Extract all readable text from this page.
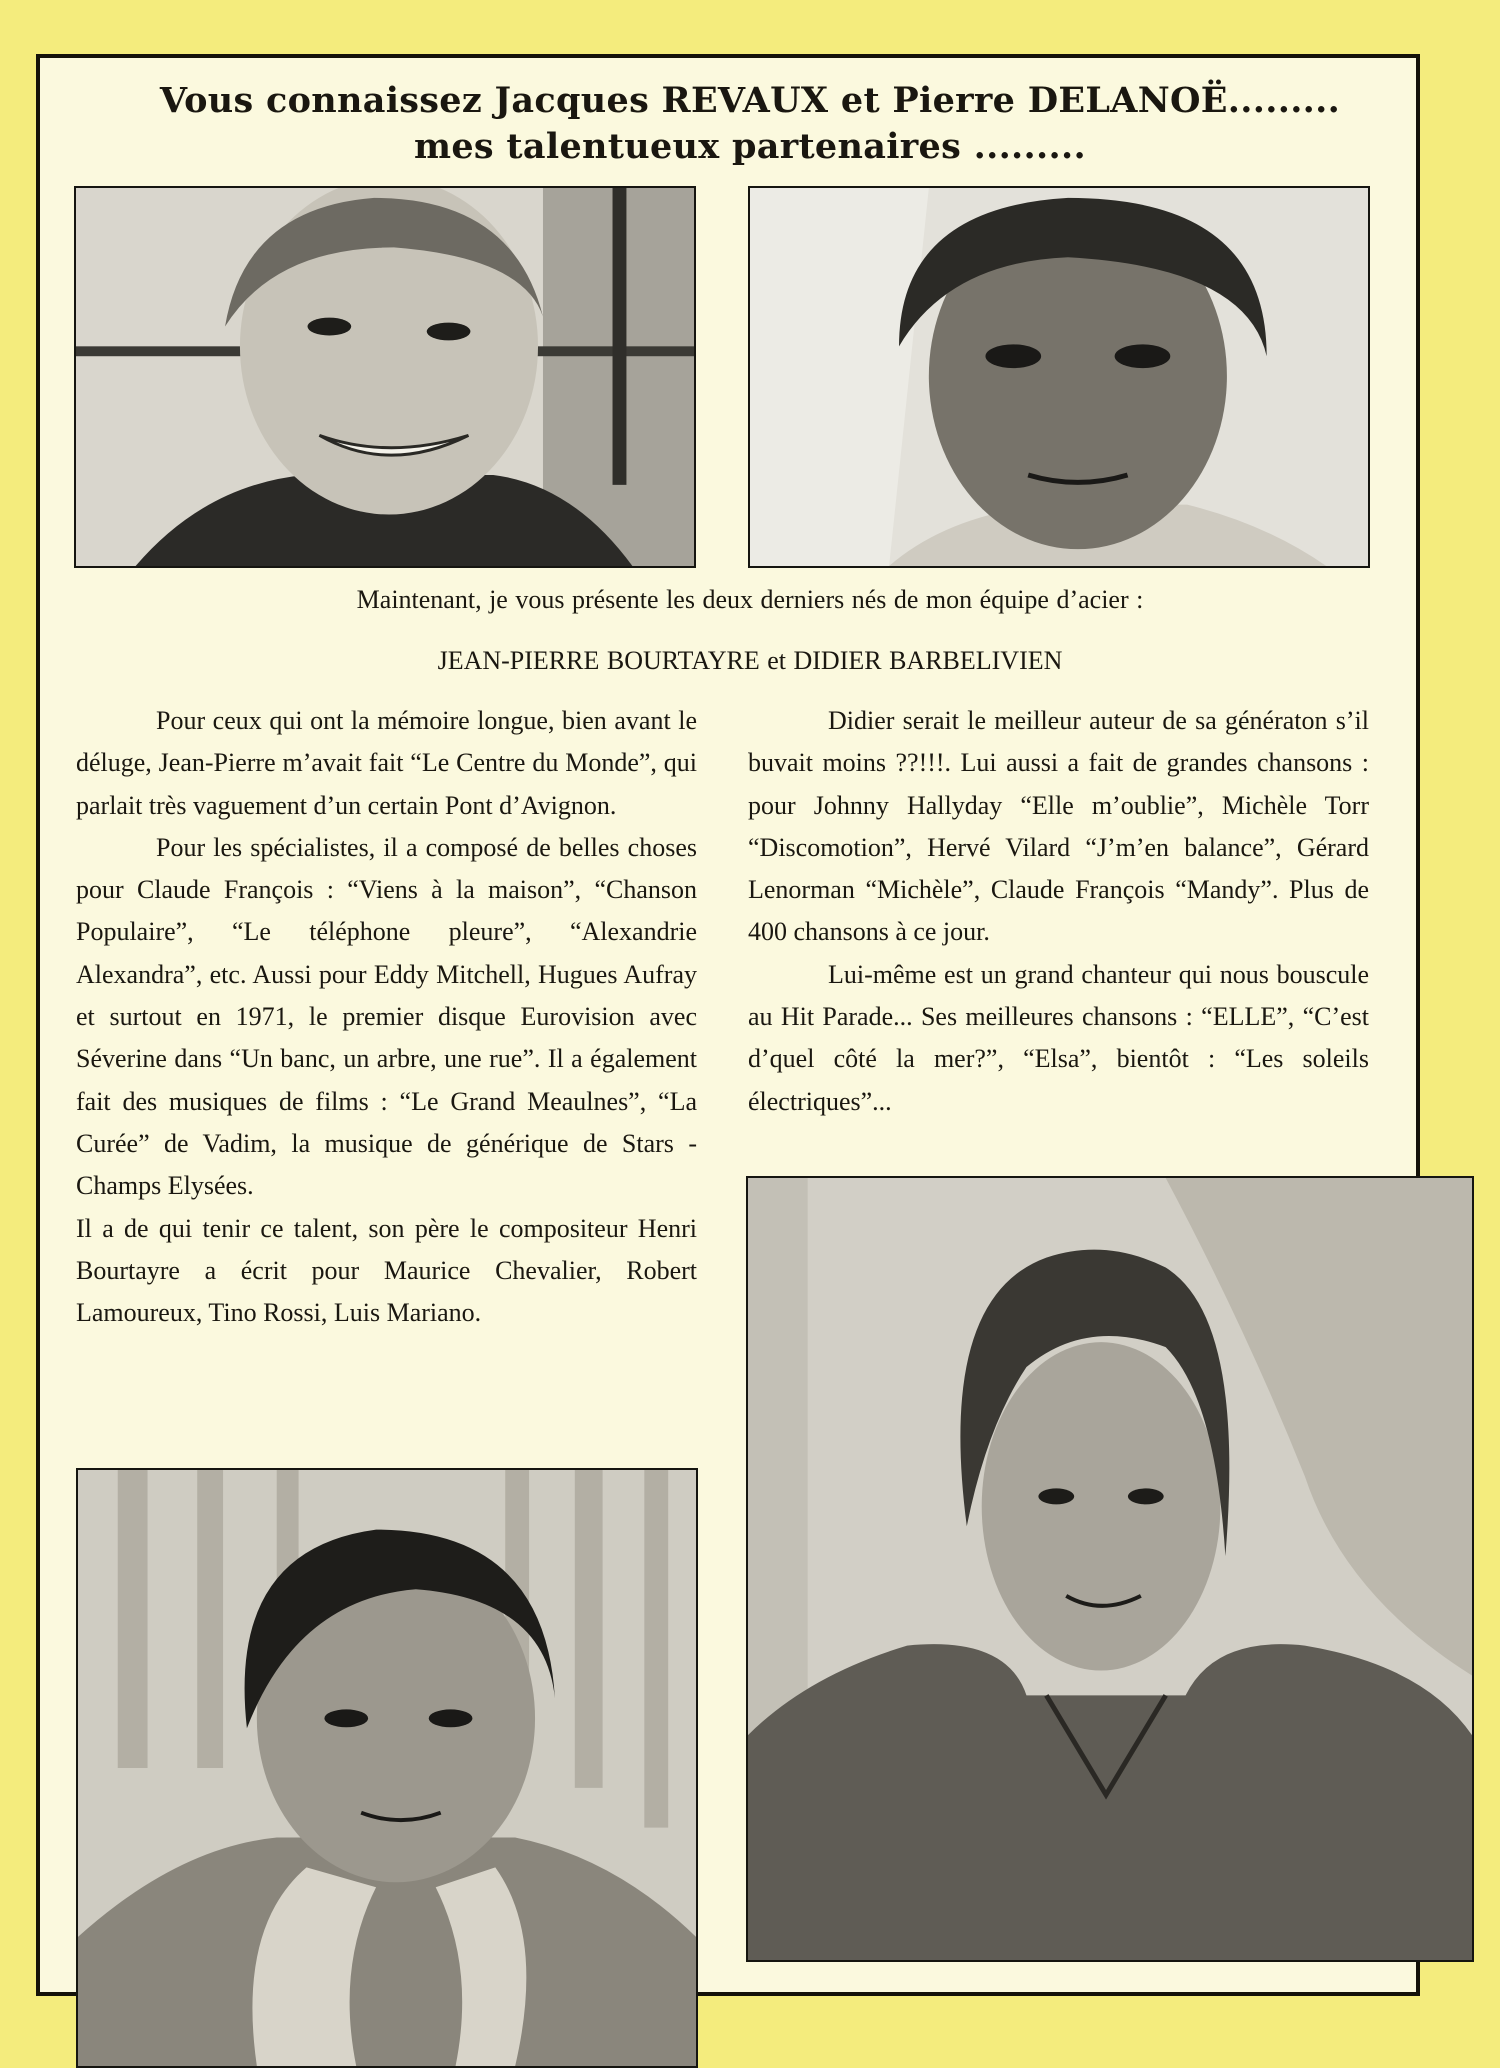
Vous connaissez Jacques REVAUX et Pierre DELANOË.........
mes talentueux partenaires .........
Maintenant, je vous présente les deux derniers nés de mon équipe d’acier :
JEAN-PIERRE BOURTAYRE et DIDIER BARBELIVIEN

Pour ceux qui ont la mémoire longue, bien avant le déluge, Jean-Pierre m’avait fait “Le Centre du Monde”, qui parlait très vaguement d’un certain Pont d’Avignon.

Pour les spécialistes, il a composé de belles choses pour Claude François : “Viens à la maison”, “Chanson Populaire”, “Le téléphone pleure”, “Alexandrie Alexandra”, etc. Aussi pour Eddy Mitchell, Hugues Aufray et surtout en 1971, le premier disque Eurovision avec Séverine dans “Un banc, un arbre, une rue”. Il a également fait des musiques de films : “Le Grand Meaulnes”, “La Curée” de Vadim, la musique de générique de Stars -Champs Elysées.

Il a de qui tenir ce talent, son père le compositeur Henri Bourtayre a écrit pour Maurice Chevalier, Robert Lamoureux, Tino Rossi, Luis Mariano.

Didier serait le meilleur auteur de sa génératon s’il buvait moins ??!!!. Lui aussi a fait de grandes chansons : pour Johnny Hallyday “Elle m’oublie”, Michèle Torr “Discomotion”, Hervé Vilard “J’m’en balance”, Gérard Lenorman “Michèle”, Claude François “Mandy”. Plus de 400 chansons à ce jour.

Lui-même est un grand chanteur qui nous bouscule au Hit Parade... Ses meilleures chansons : “ELLE”, “C’est d’quel côté la mer?”, “Elsa”, bientôt : “Les soleils électriques”...
